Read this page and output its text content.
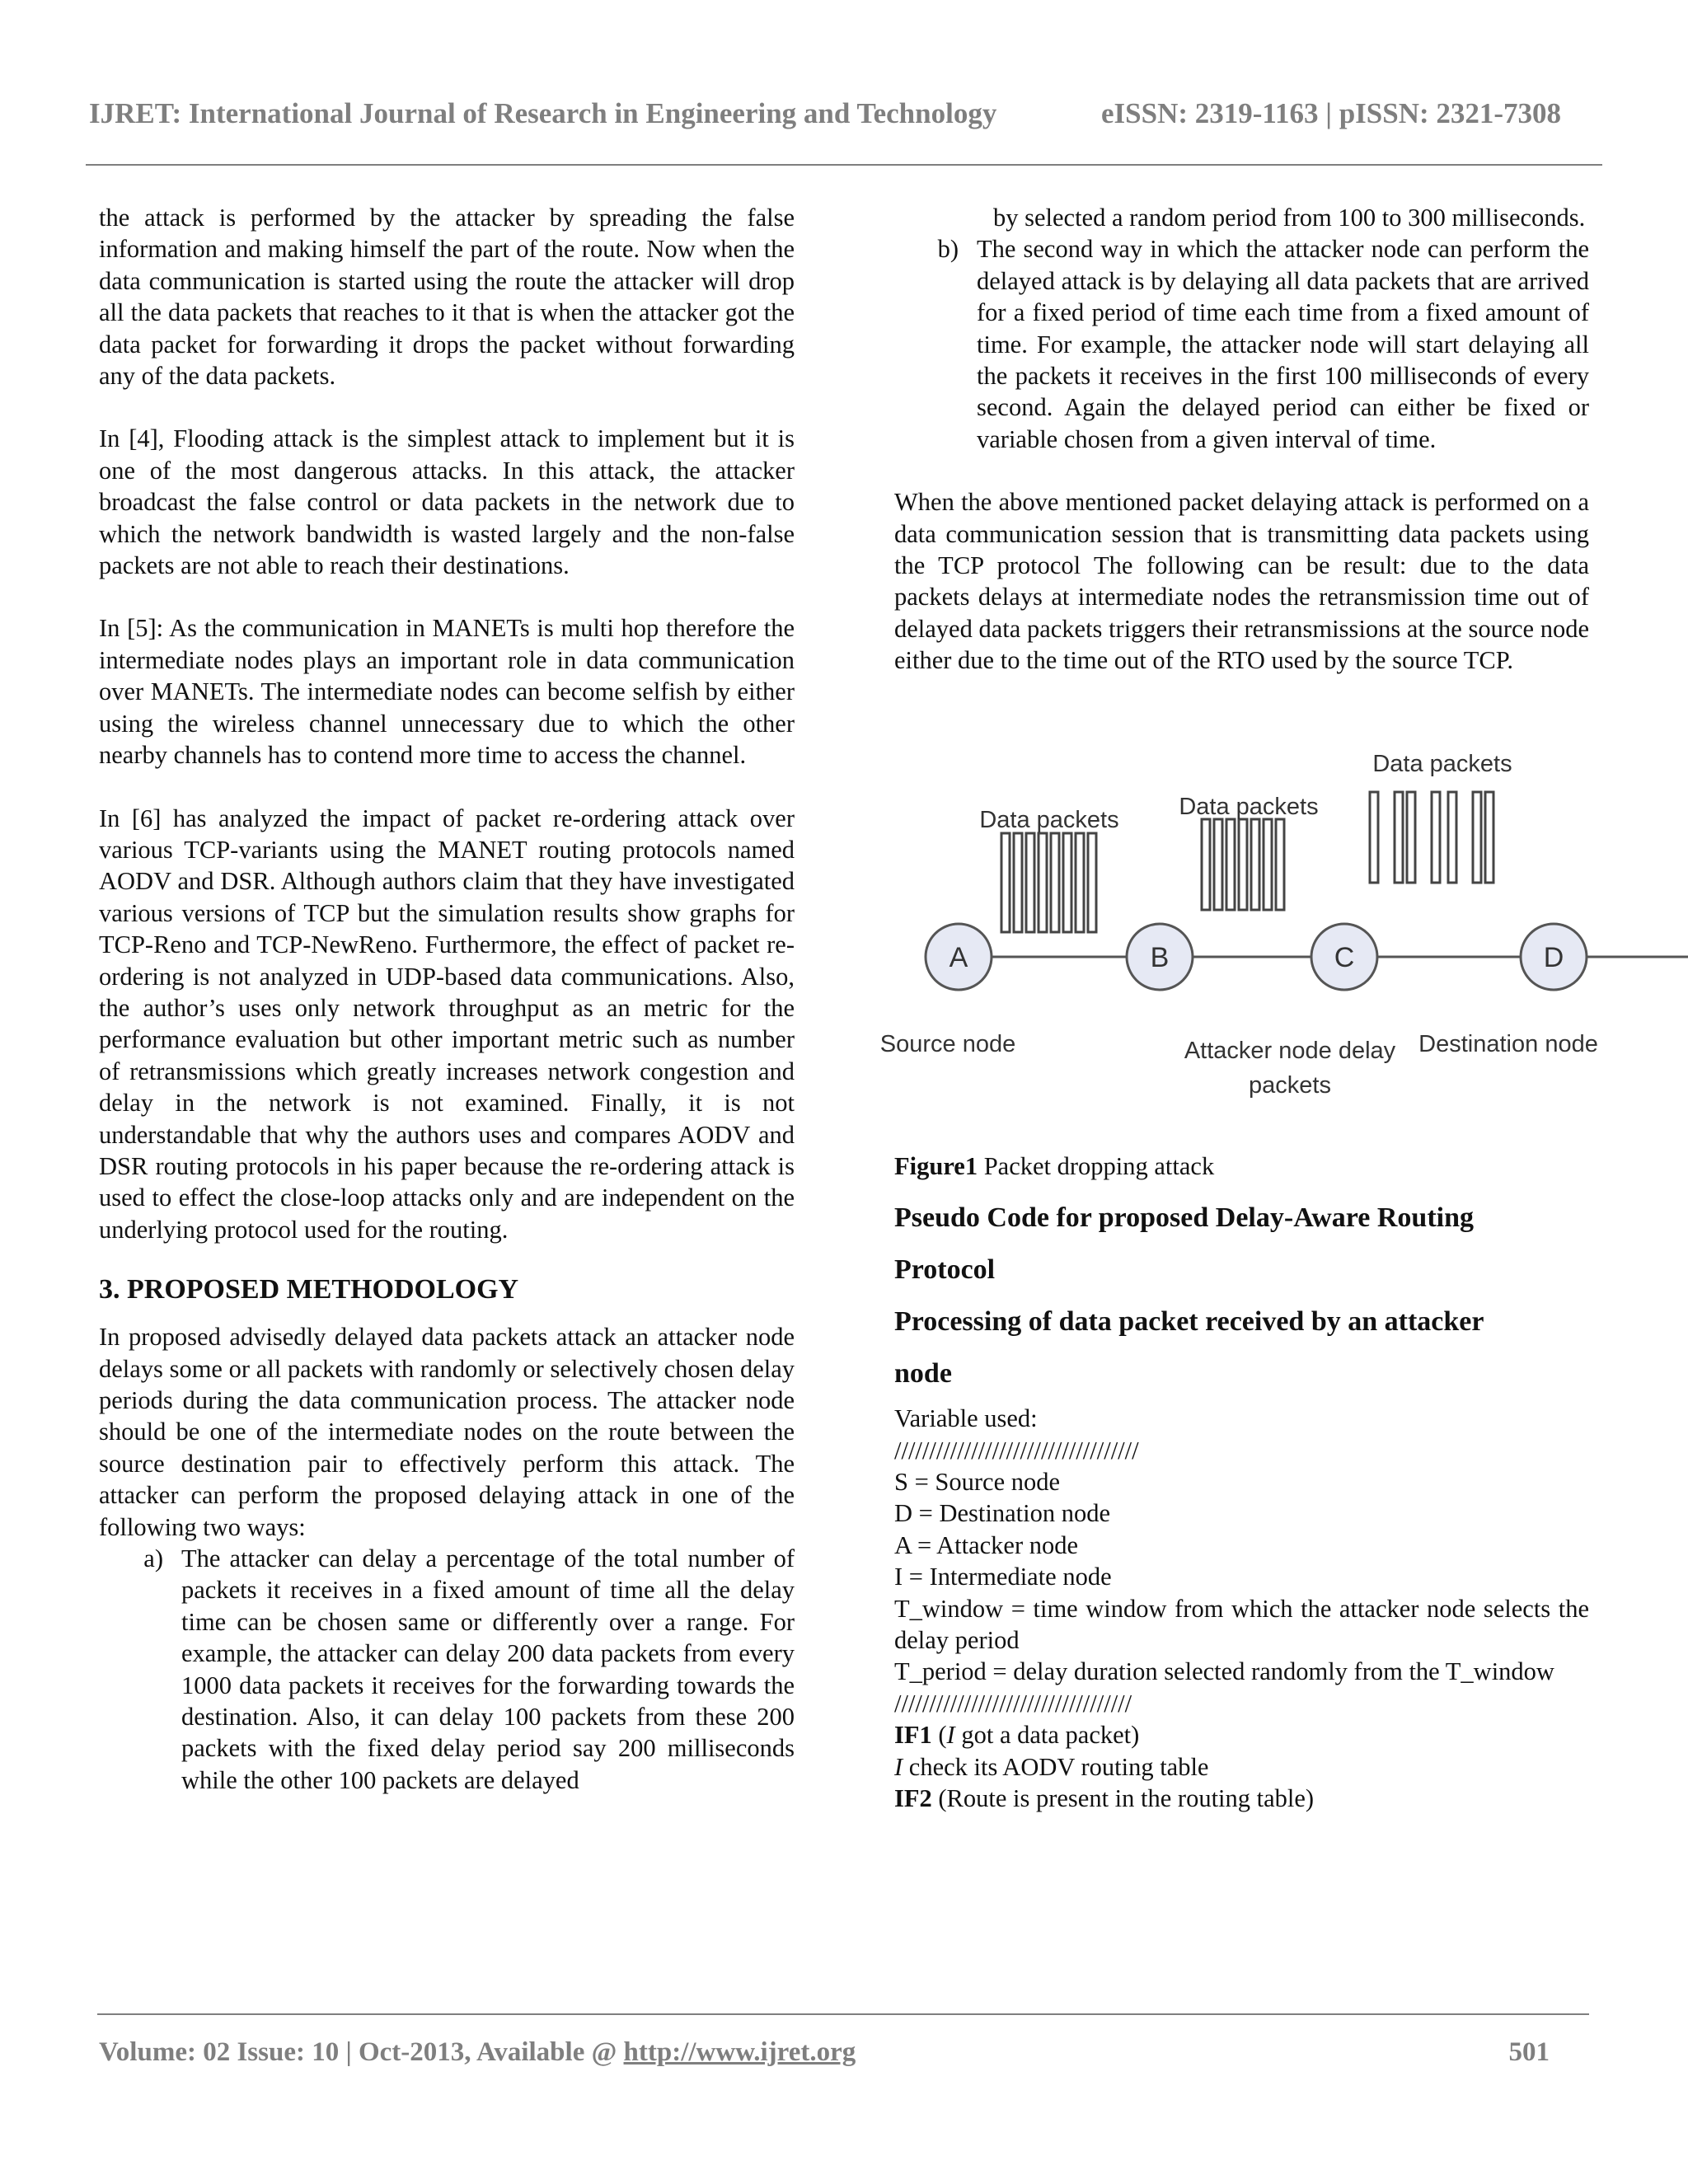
IJRET: International Journal of Research in Engineering and Technology	eISSN: 2319-1163 | pISSN: 2321-7308

the attack is performed by the attacker by spreading the false information and making himself the part of the route. Now when the data communication is started using the route the attacker will drop all the data packets that reaches to it that is when the attacker got the data packet for forwarding it drops the packet without forwarding any of the data packets.

In [4], Flooding attack is the simplest attack to implement but it is one of the most dangerous attacks. In this attack, the attacker broadcast the false control or data packets in the network due to which the network bandwidth is wasted largely and the non-false packets are not able to reach their destinations.

In [5]: As the communication in MANETs is multi hop therefore the intermediate nodes plays an important role in data communication over MANETs. The intermediate nodes can become selfish by either using the wireless channel unnecessary due to which the other nearby channels has to contend more time to access the channel.

In [6] has analyzed the impact of packet re-ordering attack over various TCP-variants using the MANET routing protocols named AODV and DSR. Although authors claim that they have investigated various versions of TCP but the simulation results show graphs for TCP-Reno and TCP-NewReno. Furthermore, the effect of packet re-ordering is not analyzed in UDP-based data communications. Also, the author’s uses only network throughput as an metric for the performance evaluation but other important metric such as number of retransmissions which greatly increases network congestion and delay in the network is not examined. Finally, it is not understandable that why the authors uses and compares AODV and DSR routing protocols in his paper because the re-ordering attack is used to effect the close-loop attacks only and are independent on the underlying protocol used for the routing.

3. PROPOSED METHODOLOGY

In proposed advisedly delayed data packets attack an attacker node delays some or all packets with randomly or selectively chosen delay periods during the data communication process. The attacker node should be one of the intermediate nodes on the route between the source destination pair to effectively perform this attack. The attacker can perform the proposed delaying attack in one of the following two ways:

a) The attacker can delay a percentage of the total number of packets it receives in a fixed amount of time all the delay time can be chosen same or differently over a range. For example, the attacker can delay 200 data packets from every 1000 data packets it receives for the forwarding towards the destination. Also, it can delay 100 packets from these 200 packets with the fixed delay period say 200 milliseconds while the other 100 packets are delayed

by selected a random period from 100 to 300 milliseconds.

b) The second way in which the attacker node can perform the delayed attack is by delaying all data packets that are arrived for a fixed period of time each time from a fixed amount of time. For example, the attacker node will start delaying all the packets it receives in the first 100 milliseconds of every second. Again the delayed period can either be fixed or variable chosen from a given interval of time.

When the above mentioned packet delaying attack is performed on a data communication session that is transmitting data packets using the TCP protocol The following can be result: due to the data packets delays at intermediate nodes the retransmission time out of delayed data packets triggers their retransmissions at the source node either due to the time out of the RTO used by the source TCP.

A	B	C	D
Data packets	Data packets
Data packets
Source node	Attacker node delay
packets
Destination node

Figure1 Packet dropping attack

Pseudo Code for proposed Delay-Aware Routing

Protocol

Processing of data packet received by an attacker

node

Variable used:

///////////////////////////////////

S = Source node

D = Destination node

A = Attacker node

I = Intermediate node

T_window = time window from which the attacker node selects the delay period

T_period = delay duration selected randomly from the T_window

//////////////////////////////////

IF1 (I got a data packet)

I check its AODV routing table

IF2 (Route is present in the routing table)

Volume: 02 Issue: 10 | Oct-2013, Available @ http://www.ijret.org	501
